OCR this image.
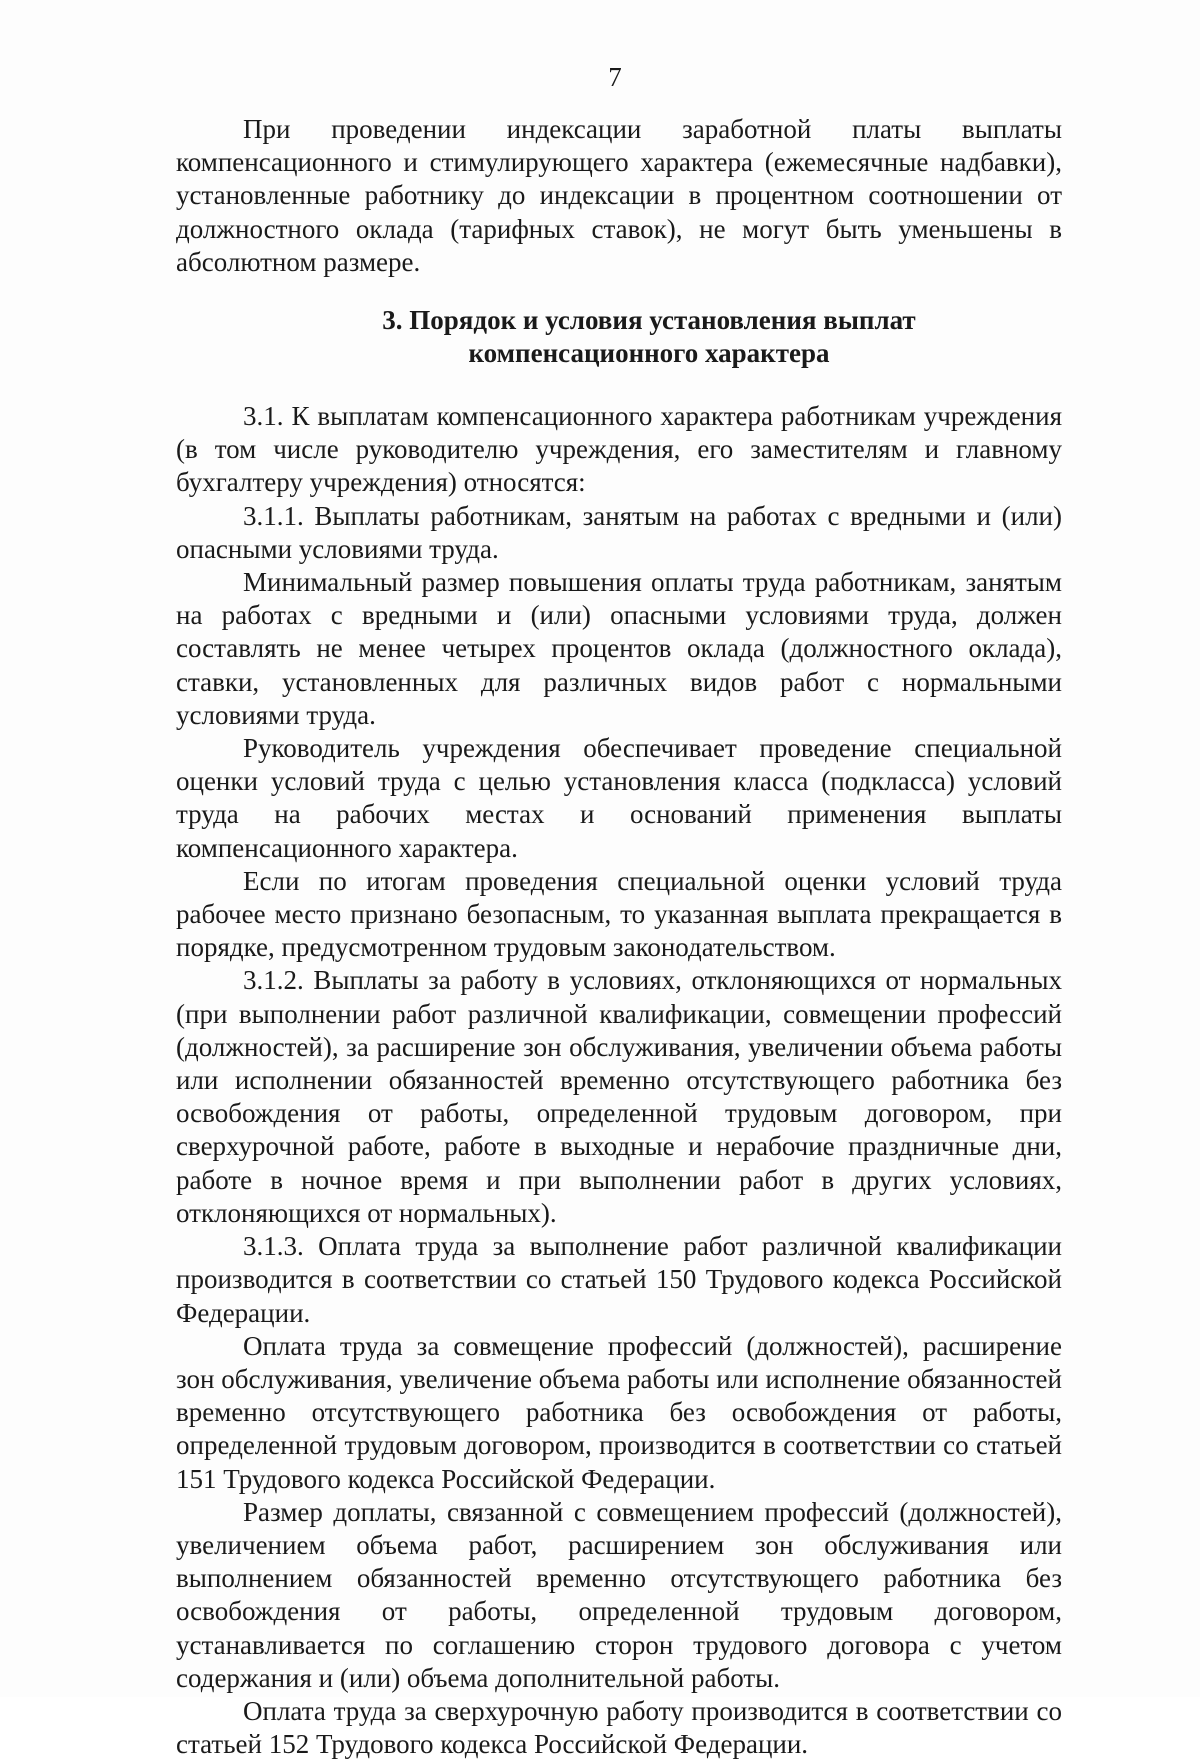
7

При проведении индексации заработной платы выплаты компенсационного и стимулирующего характера (ежемесячные надбавки), установленные работнику до индексации в процентном соотношении от должностного оклада (тарифных ставок), не могут быть уменьшены в абсолютном размере.

3. Порядок и условия установления выплат
компенсационного характера

3.1. К выплатам компенсационного характера работникам учреждения (в том числе руководителю учреждения, его заместителям и главному бухгалтеру учреждения) относятся:

3.1.1. Выплаты работникам, занятым на работах с вредными и (или) опасными условиями труда.

Минимальный размер повышения оплаты труда работникам, занятым на работах с вредными и (или) опасными условиями труда, должен составлять не менее четырех процентов оклада (должностного оклада), ставки, установленных для различных видов работ с нормальными условиями труда.

Руководитель учреждения обеспечивает проведение специальной оценки условий труда с целью установления класса (подкласса) условий труда на рабочих местах и оснований применения выплаты компенсационного характера.

Если по итогам проведения специальной оценки условий труда рабочее место признано безопасным, то указанная выплата прекращается в порядке, предусмотренном трудовым законодательством.

3.1.2. Выплаты за работу в условиях, отклоняющихся от нормальных (при выполнении работ различной квалификации, совмещении профессий (должностей), за расширение зон обслуживания, увеличении объема работы или исполнении обязанностей временно отсутствующего работника без освобождения от работы, определенной трудовым договором, при сверхурочной работе, работе в выходные и нерабочие праздничные дни, работе в ночное время и при выполнении работ в других условиях, отклоняющихся от нормальных).

3.1.3. Оплата труда за выполнение работ различной квалификации производится в соответствии со статьей 150 Трудового кодекса Российской Федерации.

Оплата труда за совмещение профессий (должностей), расширение зон обслуживания, увеличение объема работы или исполнение обязанностей временно отсутствующего работника без освобождения от работы, определенной трудовым договором, производится в соответствии со статьей 151 Трудового кодекса Российской Федерации.

Размер доплаты, связанной с совмещением профессий (должностей), увеличением объема работ, расширением зон обслуживания или выполнением обязанностей временно отсутствующего работника без освобождения от работы, определенной трудовым договором, устанавливается по соглашению сторон трудового договора с учетом содержания и (или) объема дополнительной работы.

Оплата труда за сверхурочную работу производится в соответствии со статьей 152 Трудового кодекса Российской Федерации.
